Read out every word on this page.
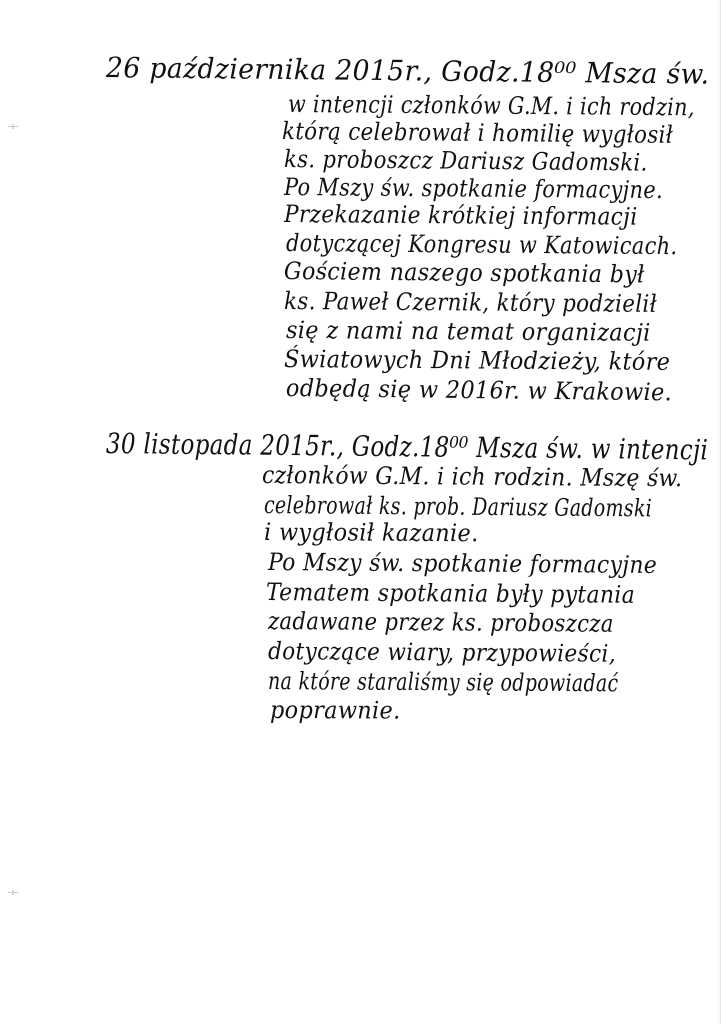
26 października 2015r., Godz.18⁰⁰ Msza św.
w intencji członków G.M. i ich rodzin,
którą celebrował i homilię wygłosił
ks. proboszcz Dariusz Gadomski.
Po Mszy św. spotkanie formacyjne.
Przekazanie krótkiej informacji
dotyczącej Kongresu w Katowicach.
Gościem naszego spotkania był
ks. Paweł Czernik, który podzielił
się z nami na temat organizacji
Światowych Dni Młodzieży, które
odbędą się w 2016r. w Krakowie.
30 listopada 2015r., Godz.18⁰⁰ Msza św. w intencji
członków G.M. i ich rodzin. Mszę św.
celebrował ks. prob. Dariusz Gadomski
i wygłosił kazanie.
Po Mszy św. spotkanie formacyjne
Tematem spotkania były pytania
zadawane przez ks. proboszcza
dotyczące wiary, przypowieści,
na które staraliśmy się odpowiadać
poprawnie.
